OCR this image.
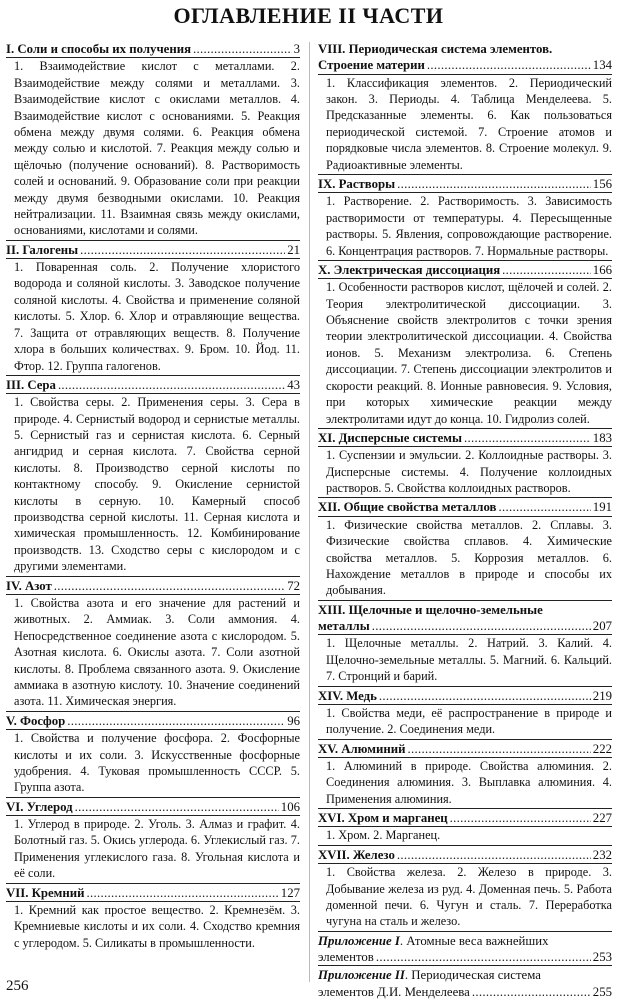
ОГЛАВЛЕНИЕ II ЧАСТИ
I. Соли и способы их получения .....	3
1. Взаимодействие кислот с металлами. 2. Взаимодействие между солями и металлами. 3. Взаимодействие кислот с окислами металлов. 4. Взаимодействие кислот с основаниями. 5. Реакция обмена между двумя солями. 6. Реакция обмена между солью и кислотой. 7. Реакция между солью и щёлочью (получение оснований). 8. Растворимость солей и оснований. 9. Образование соли при реакции между двумя безводными окислами. 10. Реакция нейтрализации. 11. Взаимная связь между окислами, основаниями, кислотами и солями.
II. Галогены .....	21
1. Поваренная соль. 2. Получение хлористого водорода и соляной кислоты. 3. Заводское получение соляной кислоты. 4. Свойства и применение соляной кислоты. 5. Хлор. 6. Хлор и отравляющие вещества. 7. Защита от отравляющих веществ. 8. Получение хлора в больших количествах. 9. Бром. 10. Йод. 11. Фтор. 12. Группа галогенов.
III. Сера .....	43
1. Свойства серы. 2. Применения серы. 3. Сера в природе. 4. Сернистый водород и сернистые металлы. 5. Сернистый газ и сернистая кислота. 6. Серный ангидрид и серная кислота. 7. Свойства серной кислоты. 8. Производство серной кислоты по контактному способу. 9. Окисление сернистой кислоты в серную. 10. Камерный способ производства серной кислоты. 11. Серная кислота и химическая промышленность. 12. Комбинирование производств. 13. Сходство серы с кислородом и с другими элементами.
IV. Азот .....	72
1. Свойства азота и его значение для растений и животных. 2. Аммиак. 3. Соли аммония. 4. Непосредственное соединение азота с кислородом. 5. Азотная кислота. 6. Окислы азота. 7. Соли азотной кислоты. 8. Проблема связанного азота. 9. Окисление аммиака в азотную кислоту. 10. Значение соединений азота. 11. Химическая энергия.
V. Фосфор .....	96
1. Свойства и получение фосфора. 2. Фосфорные кислоты и их соли. 3. Искусственные фосфорные удобрения. 4. Туковая промышленность СССР. 5. Группа азота.
VI. Углерод .....	106
1. Углерод в природе. 2. Уголь. 3. Алмаз и графит. 4. Болотный газ. 5. Окись углерода. 6. Углекислый газ. 7. Применения углекислого газа. 8. Угольная кислота и её соли.
VII. Кремний .....	127
1. Кремний как простое вещество. 2. Кремнезём. 3. Кремниевые кислоты и их соли. 4. Сходство кремния с углеродом. 5. Силикаты в промышленности.
VIII. Периодическая система элементов.
Строение материи .....	134
1. Классификация элементов. 2. Периодический закон. 3. Периоды. 4. Таблица Менделеева. 5. Предсказанные элементы. 6. Как пользоваться периодической системой. 7. Строение атомов и порядковые числа элементов. 8. Строение молекул. 9. Радиоактивные элементы.
IX. Растворы .....	156
1. Растворение. 2. Растворимость. 3. Зависимость растворимости от температуры. 4. Пересыщенные растворы. 5. Явления, сопровождающие растворение. 6. Концентрация растворов. 7. Нормальные растворы.
X. Электрическая диссоциация .....	166
1. Особенности растворов кислот, щёлочей и солей. 2. Теория электролитической диссоциации. 3. Объяснение свойств электролитов с точки зрения теории электролитической диссоциации. 4. Свойства ионов. 5. Механизм электролиза. 6. Степень диссоциации. 7. Степень диссоциации электролитов и скорости реакций. 8. Ионные равновесия. 9. Условия, при которых химические реакции между электролитами идут до конца. 10. Гидролиз солей.
XI. Дисперсные системы .....	183
1. Суспензии и эмульсии. 2. Коллоидные растворы. 3. Дисперсные системы. 4. Получение коллоидных растворов. 5. Свойства коллоидных растворов.
XII. Общие свойства металлов .....	191
1. Физические свойства металлов. 2. Сплавы. 3. Физические свойства сплавов. 4. Химические свойства металлов. 5. Коррозия металлов. 6. Нахождение металлов в природе и способы их добывания.
XIII. Щелочные и щелочно-земельные
металлы .....	207
1. Щелочные металлы. 2. Натрий. 3. Калий. 4. Щелочно-земельные металлы. 5. Магний. 6. Кальций. 7. Стронций и барий.
XIV. Медь .....	219
1. Свойства меди, её распространение в природе и получение. 2. Соединения меди.
XV. Алюминий .....	222
1. Алюминий в природе. Свойства алюминия. 2. Соединения алюминия. 3. Выплавка алюминия. 4. Применения алюминия.
XVI. Хром и марганец .....	227
1. Хром. 2. Марганец.
XVII. Железо .....	232
1. Свойства железа. 2. Железо в природе. 3. Добывание железа из руд. 4. Доменная печь. 5. Работа доменной печи. 6. Чугун и сталь. 7. Переработка чугуна на сталь и железо.
Приложение I. Атомные веса важнейших
элементов .....	253
Приложение II. Периодическая система
элементов Д.И. Менделеева .....	255
256
